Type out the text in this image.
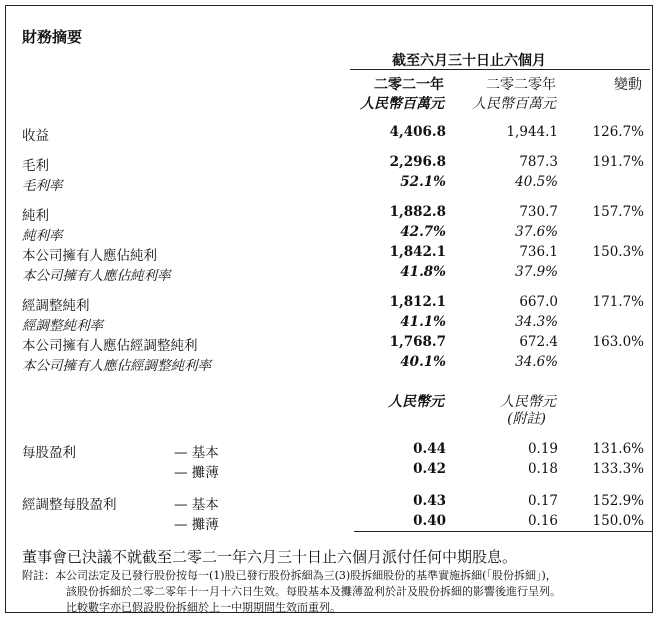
財務摘要
截至六月三十日止六個月
二零二一年	二零二零年	變動
人民幣百萬元 人民幣百萬元
收益	4,406.8	1,944.1	126.7%
毛利	2,296.8	787.3	191.7%
毛利率	52.1%	40.5%
純利	1,882.8	730.7	157.7%
純利率	42.7%	37.6%
本公司擁有人應佔純利	1,842.1	736.1	150.3%
本公司擁有人應佔純利率	41.8%	37.9%
經調整純利	1,812.1	667.0	171.7%
經調整純利率	41.1%	34.3%
本公司擁有人應佔經調整純利	1,768.7	672.4	163.0%
本公司擁有人應佔經調整純利率	40.1%	34.6%
人民幣元	人民幣元
(附註)
每股盈利	— 基本	0.44	0.19	131.6%
— 攤薄	0.42	0.18	133.3%
經調整每股盈利	— 基本	0.43	0.17	152.9%
— 攤薄	0.40	0.16	150.0%
董事會已決議不就截至二零二一年六月三十日止六個月派付任何中期股息。
附註：本公司法定及已發行股份按每一(1)股已發行股份拆細為三(3)股拆細股份的基準實施拆細(「股份拆細」)，
該股份拆細於二零二零年十一月十六日生效。每股基本及攤薄盈利於計及股份拆細的影響後進行呈列。
比較數字亦已假設股份拆細於上一中期期間生效而重列。
